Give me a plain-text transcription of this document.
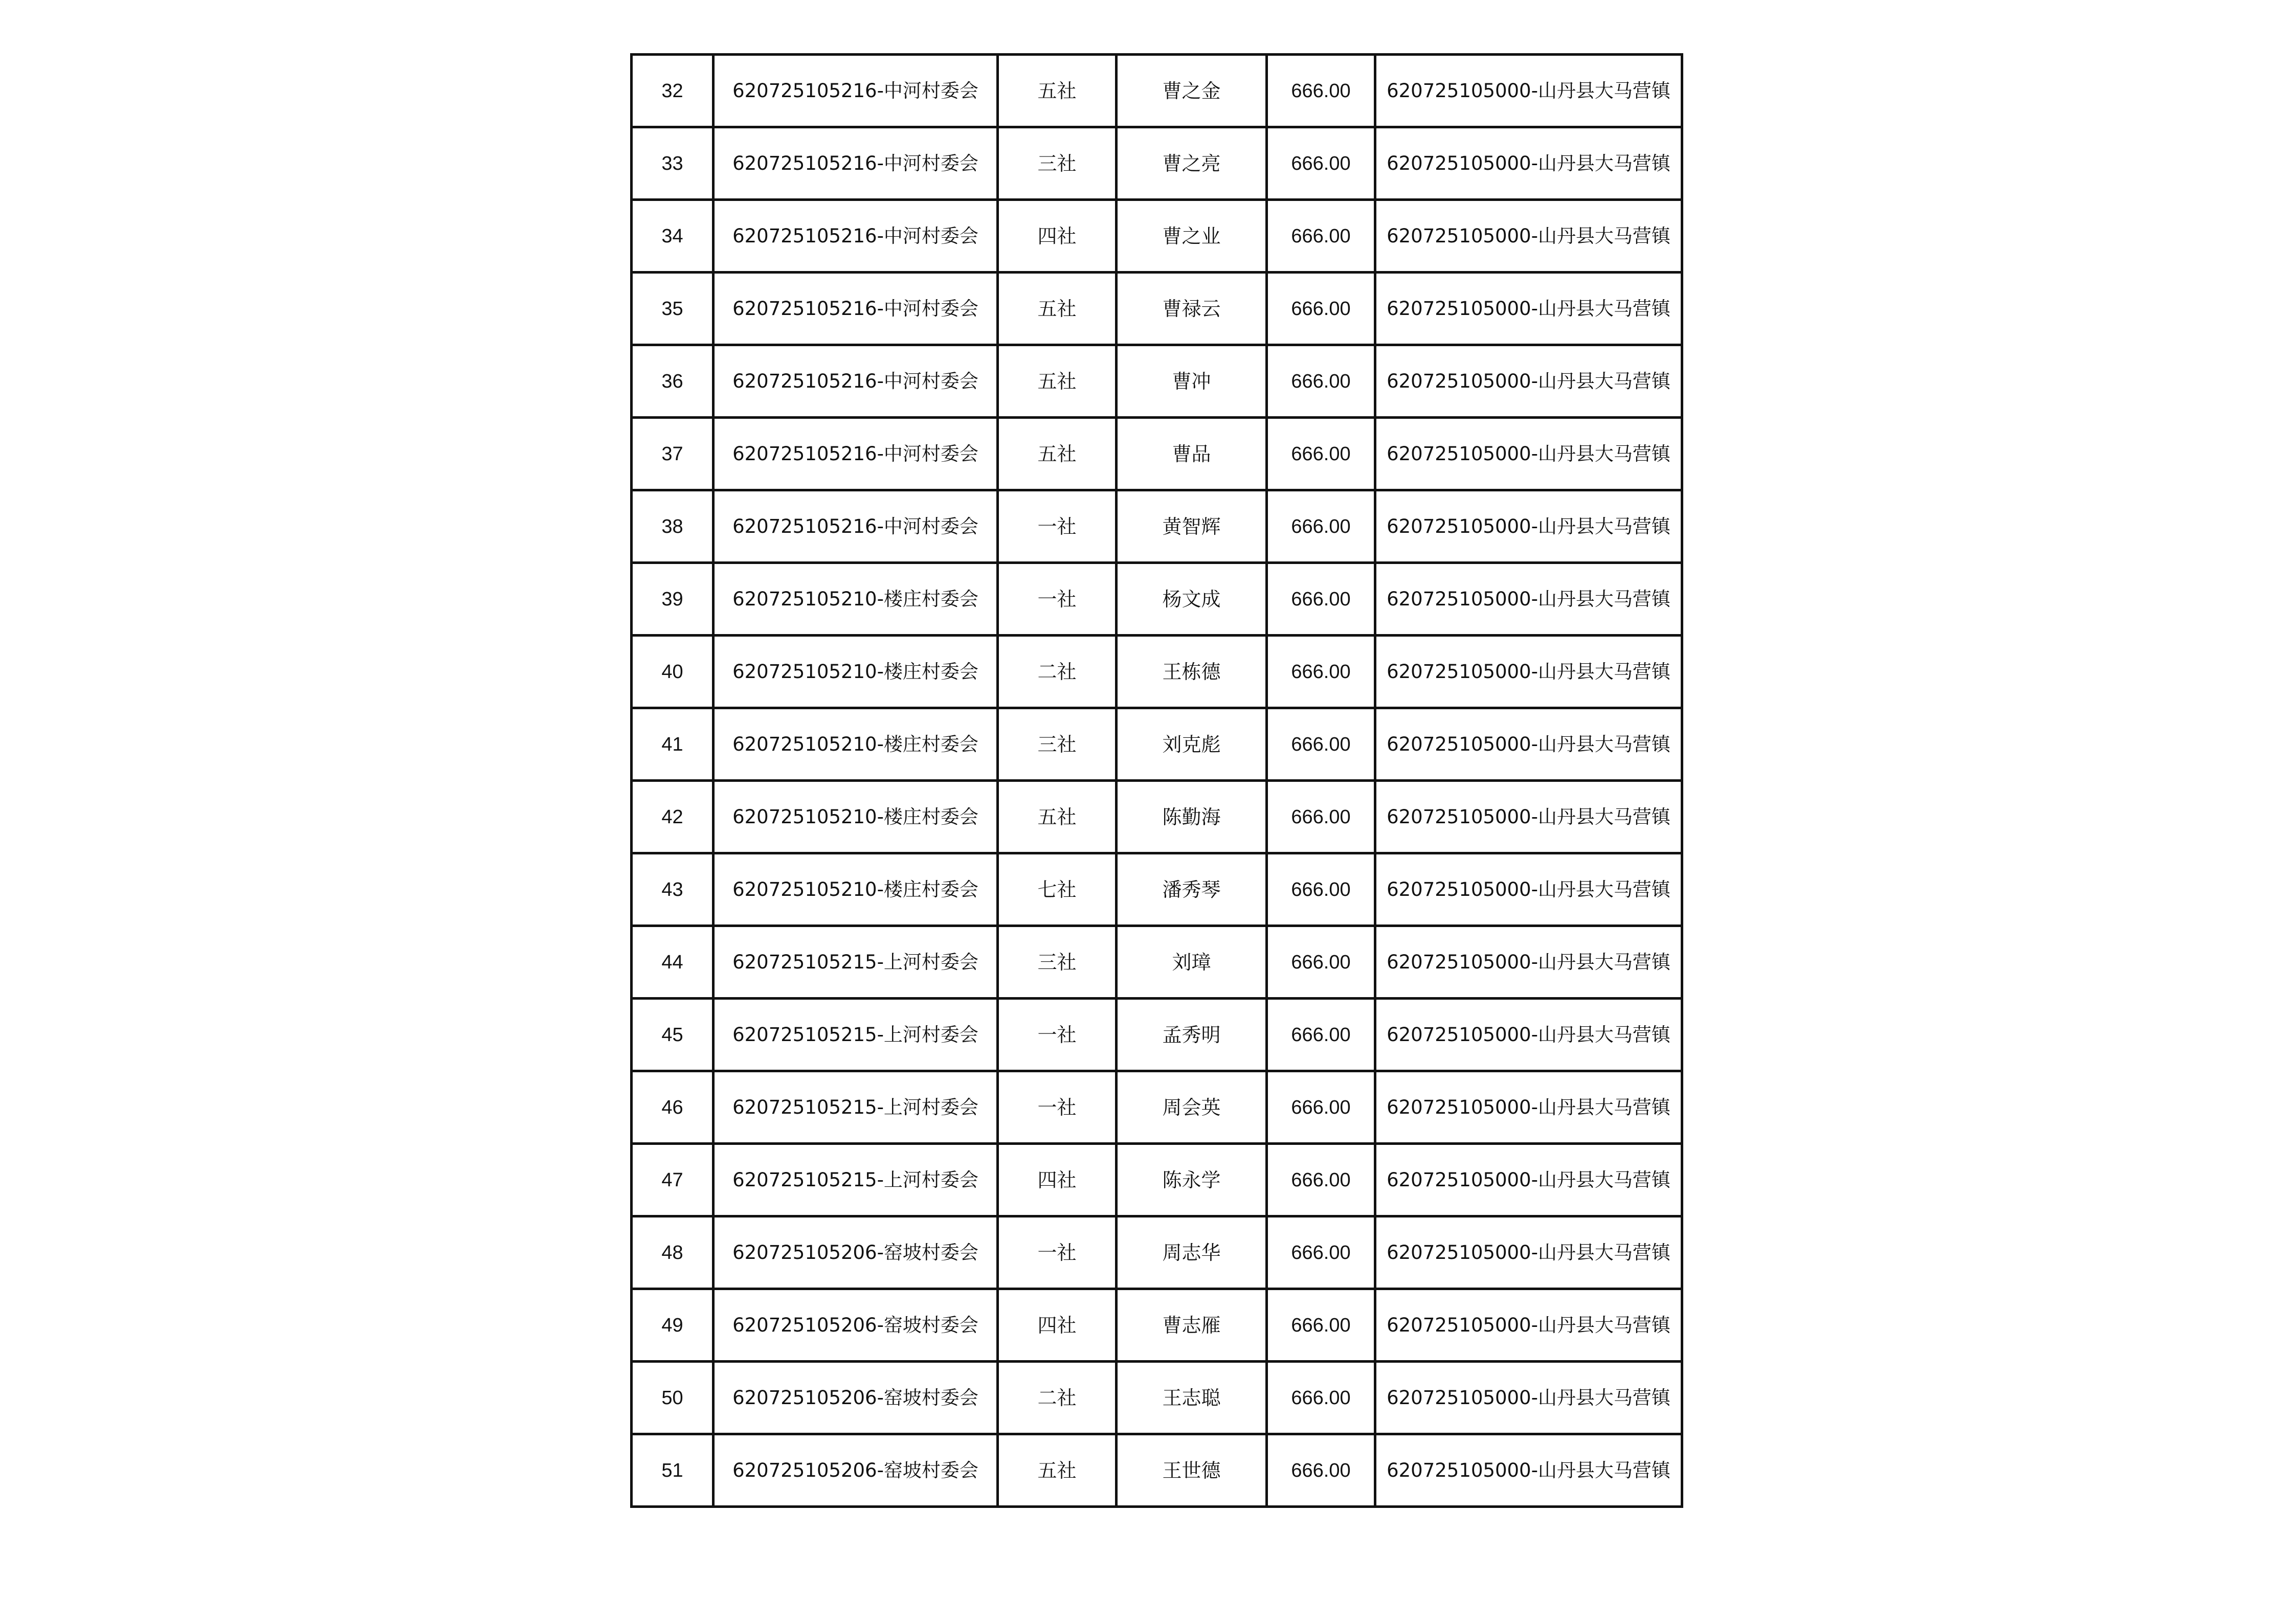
32	620725105216-中河村委会	五社	曹之金	666.00	620725105000-山丹县大马营镇
33	620725105216-中河村委会	三社	曹之亮	666.00	620725105000-山丹县大马营镇
34	620725105216-中河村委会	四社	曹之业	666.00	620725105000-山丹县大马营镇
35	620725105216-中河村委会	五社	曹禄云	666.00	620725105000-山丹县大马营镇
36	620725105216-中河村委会	五社	曹冲	666.00	620725105000-山丹县大马营镇
37	620725105216-中河村委会	五社	曹品	666.00	620725105000-山丹县大马营镇
38	620725105216-中河村委会	一社	黄智辉	666.00	620725105000-山丹县大马营镇
39	620725105210-楼庄村委会	一社	杨文成	666.00	620725105000-山丹县大马营镇
40	620725105210-楼庄村委会	二社	王栋德	666.00	620725105000-山丹县大马营镇
41	620725105210-楼庄村委会	三社	刘克彪	666.00	620725105000-山丹县大马营镇
42	620725105210-楼庄村委会	五社	陈勤海	666.00	620725105000-山丹县大马营镇
43	620725105210-楼庄村委会	七社	潘秀琴	666.00	620725105000-山丹县大马营镇
44	620725105215-上河村委会	三社	刘璋	666.00	620725105000-山丹县大马营镇
45	620725105215-上河村委会	一社	孟秀明	666.00	620725105000-山丹县大马营镇
46	620725105215-上河村委会	一社	周会英	666.00	620725105000-山丹县大马营镇
47	620725105215-上河村委会	四社	陈永学	666.00	620725105000-山丹县大马营镇
48	620725105206-窑坡村委会	一社	周志华	666.00	620725105000-山丹县大马营镇
49	620725105206-窑坡村委会	四社	曹志雁	666.00	620725105000-山丹县大马营镇
50	620725105206-窑坡村委会	二社	王志聪	666.00	620725105000-山丹县大马营镇
51	620725105206-窑坡村委会	五社	王世德	666.00	620725105000-山丹县大马营镇
